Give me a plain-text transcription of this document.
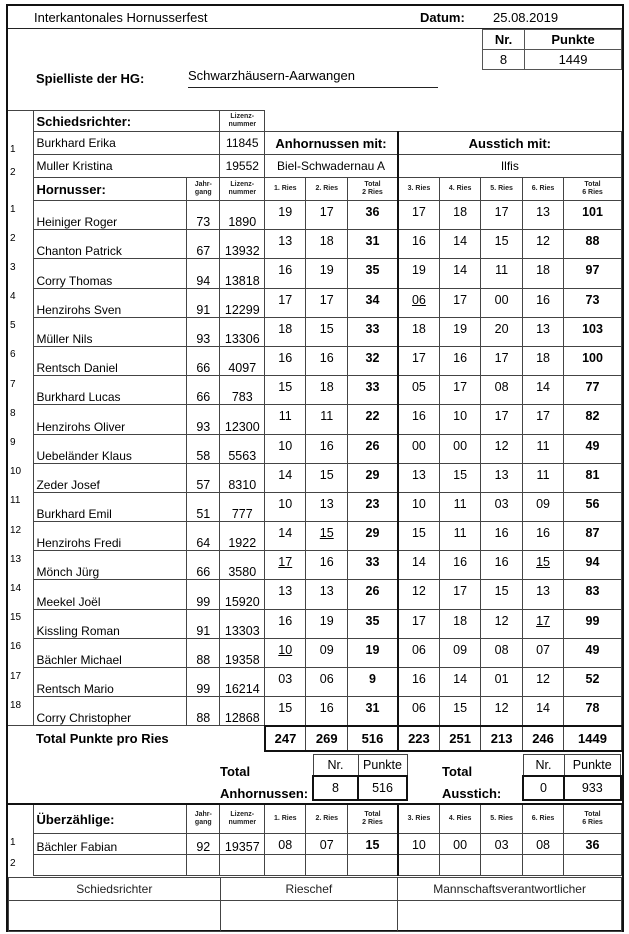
Interkantonales Hornusserfest	Datum: 25.08.2019
Nr.	Punkte
8	1449
Spielliste der HG:	Schwarzhäusern-Aarwangen
	Schiedsrichter:	Lizenz-
nummer	
1	Burkhard Erika	11845	Anhornussen mit:	Ausstich mit:
2	Muller Kristina	19552	Biel-Schwadernau A	Ilfis
	Hornusser:	Jahr-
gang	Lizenz-
nummer	1. Ries	2. Ries	Total
2 Ries	3. Ries	4. Ries	5. Ries	6. Ries	Total
6 Ries
1	Heiniger Roger	73	1890	19	17	36	17	18	17	13	101
2	Chanton Patrick	67	13932	13	18	31	16	14	15	12	88
3	Corry Thomas	94	13818	16	19	35	19	14	11	18	97
4	Henzirohs Sven	91	12299	17	17	34	06	17	00	16	73
5	Müller Nils	93	13306	18	15	33	18	19	20	13	103
6	Rentsch Daniel	66	4097	16	16	32	17	16	17	18	100
7	Burkhard Lucas	66	783	15	18	33	05	17	08	14	77
8	Henzirohs Oliver	93	12300	11	11	22	16	10	17	17	82
9	Uebeländer Klaus	58	5563	10	16	26	00	00	12	11	49
10	Zeder Josef	57	8310	14	15	29	13	15	13	11	81
11	Burkhard Emil	51	777	10	13	23	10	11	03	09	56
12	Henzirohs Fredi	64	1922	14	15	29	15	11	16	16	87
13	Mönch Jürg	66	3580	17	16	33	14	16	16	15	94
14	Meekel Joël	99	15920	13	13	26	12	17	15	13	83
15	Kissling Roman	91	13303	16	19	35	17	18	12	17	99
16	Bächler Michael	88	19358	10	09	19	06	09	08	07	49
17	Rentsch Mario	99	16214	03	06	9	16	14	01	12	52
18	Corry Christopher	88	12868	15	16	31	06	15	12	14	78
Total Punkte pro Ries	247	269	516	223	251	213	246	1449

Total
Anhornussen:
Nr.	Punkte
8	516
Total
Ausstich:
Nr.	Punkte
0	933

	Überzählige:	Jahr-
gang	Lizenz-
nummer	1. Ries	2. Ries	Total
2 Ries	3. Ries	4. Ries	5. Ries	6. Ries	Total
6 Ries
1	Bächler Fabian	92	19357	08	07	15	10	00	03	08	36
2											
Schiedsrichter	Rieschef	Mannschaftsverantwortlicher
